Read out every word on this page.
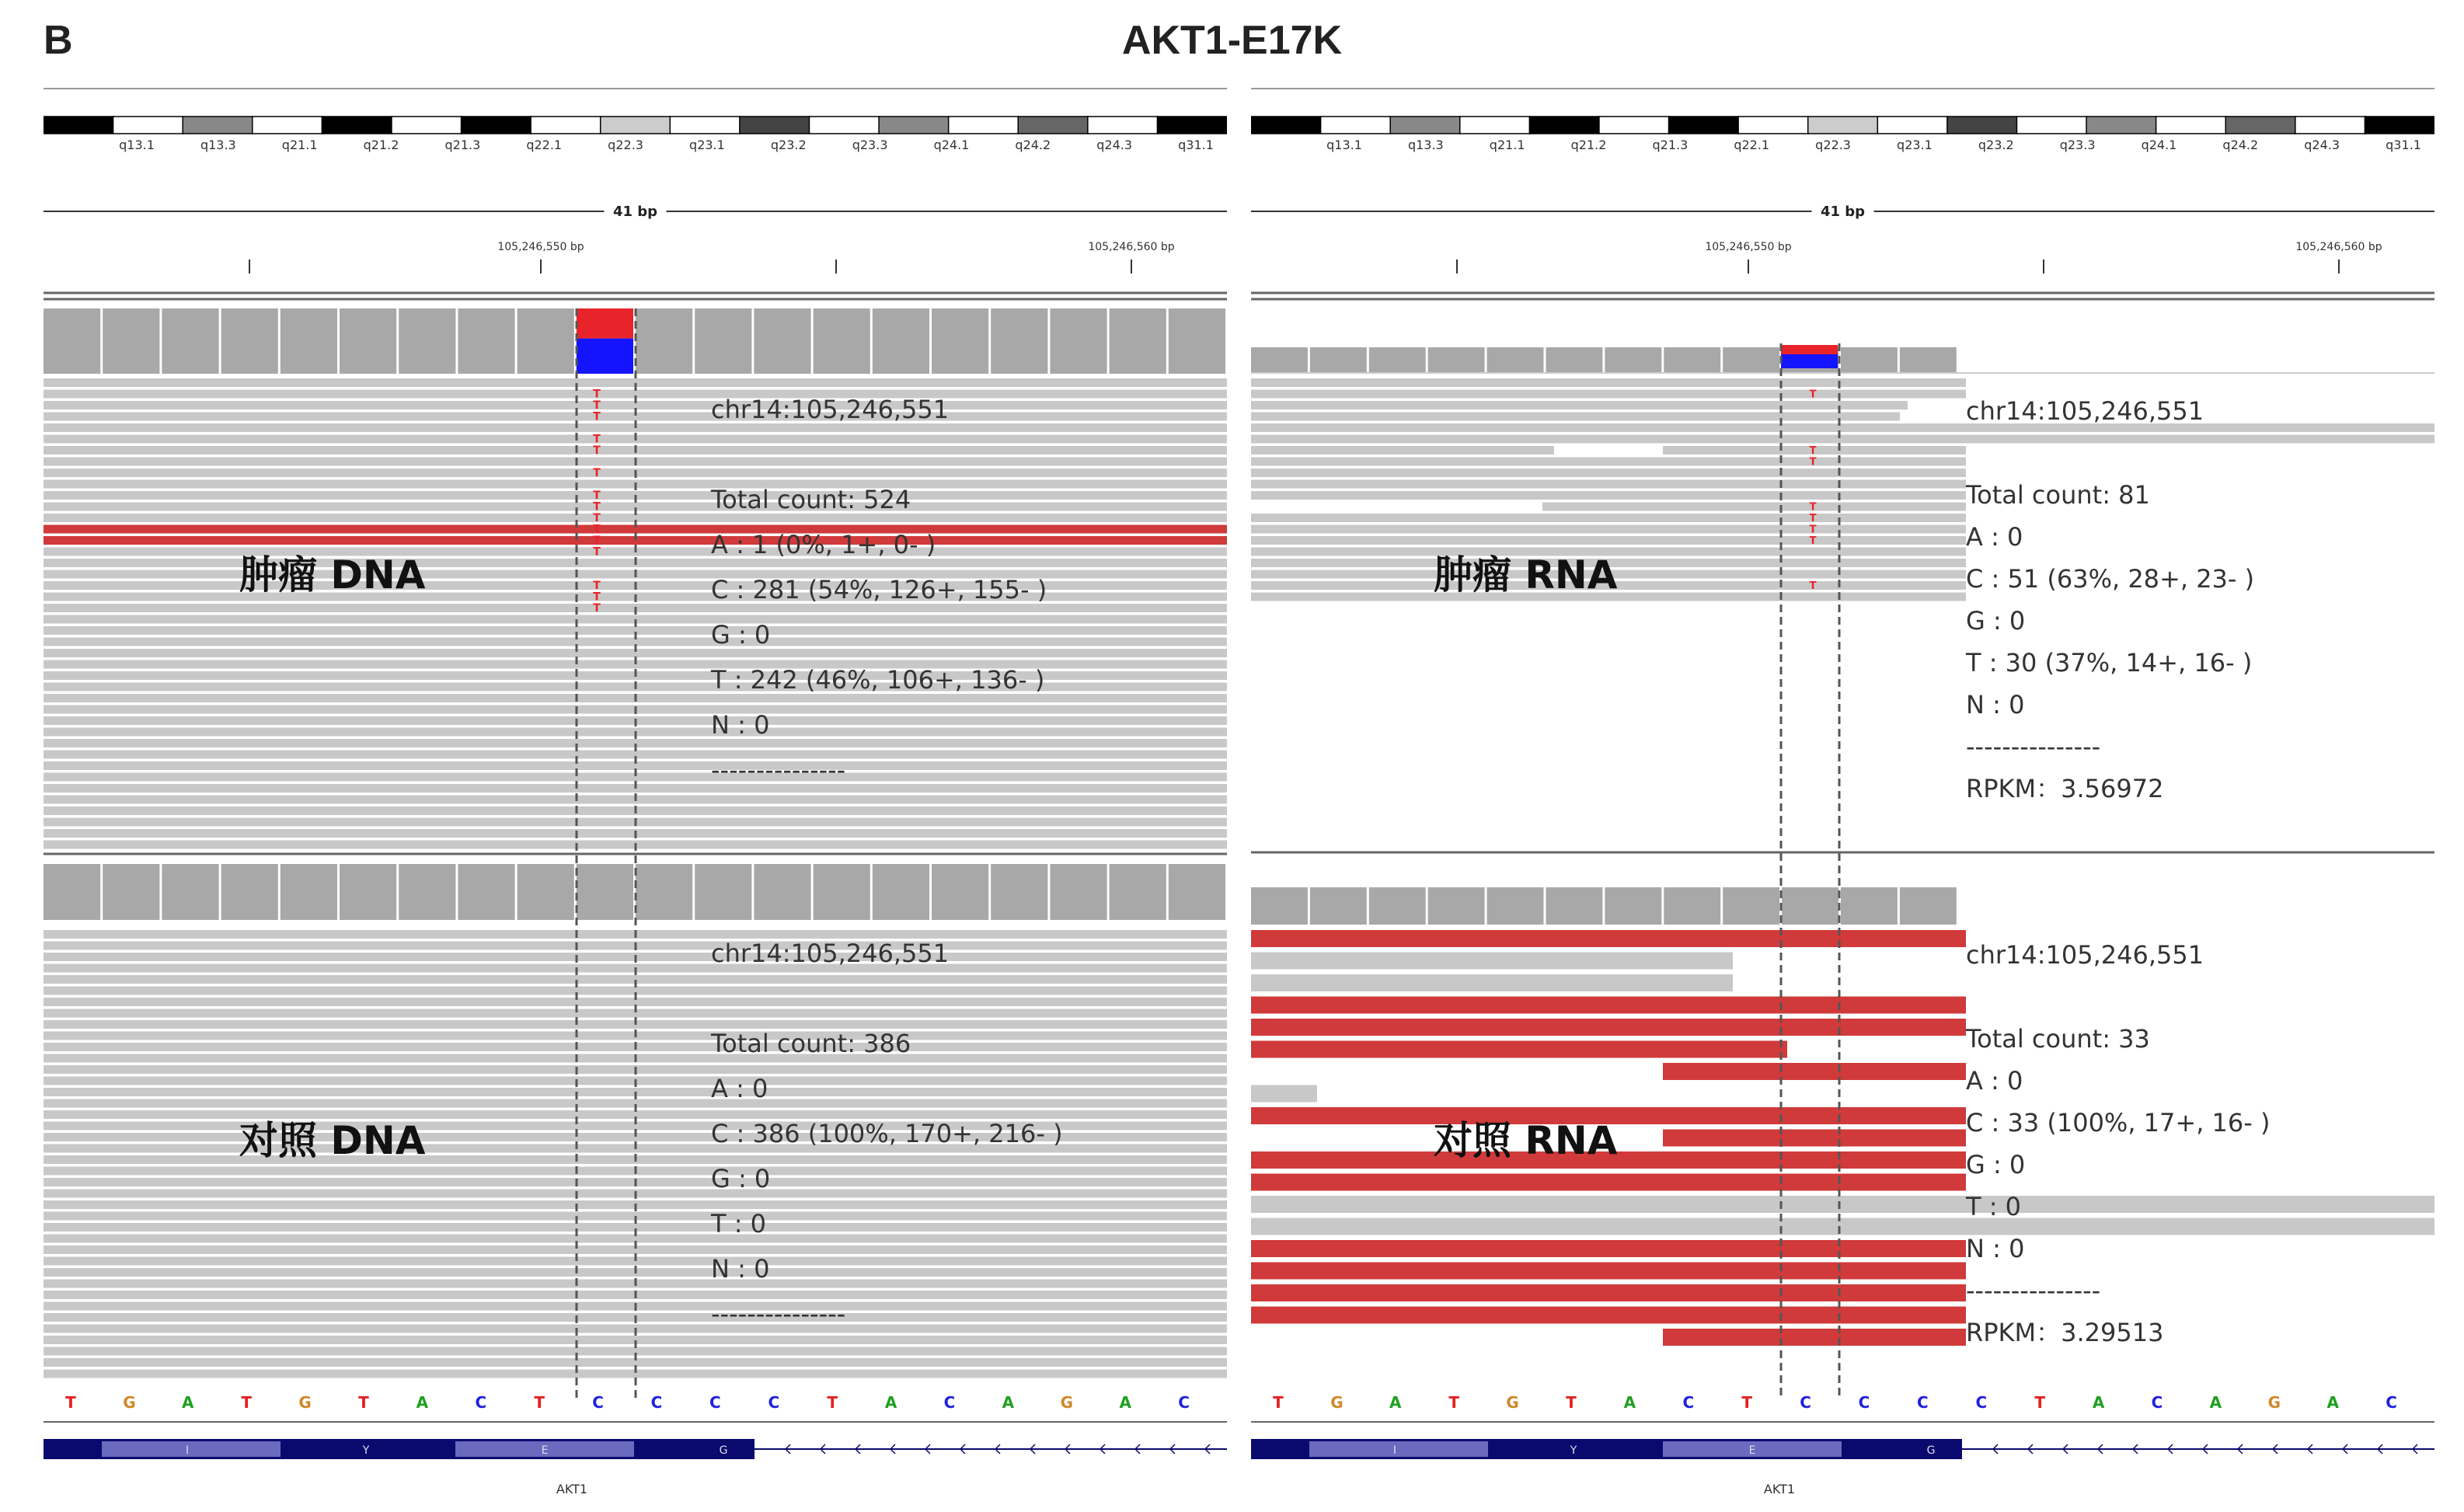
B	AKT1-E17K
q13.1	q13.3	q21.1	q21.2	q21.3	q22.1	q22.3	q23.1	q23.2	q23.3	q24.1	q24.2	q24.3	q31.1
41 bp
105,246,550 bp	105,246,560 bp
T
T
T
T
T
T
T
T
T
T
T
T
T
T
T
T	G	A	T	G	T	A	C	T	C	C	C	C	T	A	C	A	G	A	C
I	Y	E	G
AKT1
肿瘤 DNA
对照 DNA
chr14:105,246,551
Total count: 524
A : 1 (0%, 1+, 0- )
C : 281 (54%, 126+, 155- )
G : 0
T : 242 (46%, 106+, 136- )
N : 0
---------------
chr14:105,246,551
Total count: 386
A : 0
C : 386 (100%, 170+, 216- )
G : 0
T : 0
N : 0
---------------
q13.1	q13.3	q21.1	q21.2	q21.3	q22.1	q22.3	q23.1	q23.2	q23.3	q24.1	q24.2	q24.3	q31.1
41 bp
105,246,550 bp	105,246,560 bp
T
T
T
T
T
T
T
T
T	G	A	T	G	T	A	C	T	C	C	C	C	T	A	C	A	G	A	C
I	Y	E	G
AKT1
肿瘤 RNA
对照 RNA
chr14:105,246,551
Total count: 81
A : 0
C : 51 (63%, 28+, 23- )
G : 0
T : 30 (37%, 14+, 16- )
N : 0
---------------
RPKM：3.56972
chr14:105,246,551
Total count: 33
A : 0
C : 33 (100%, 17+, 16- )
G : 0
T : 0
N : 0
---------------
RPKM：3.29513
